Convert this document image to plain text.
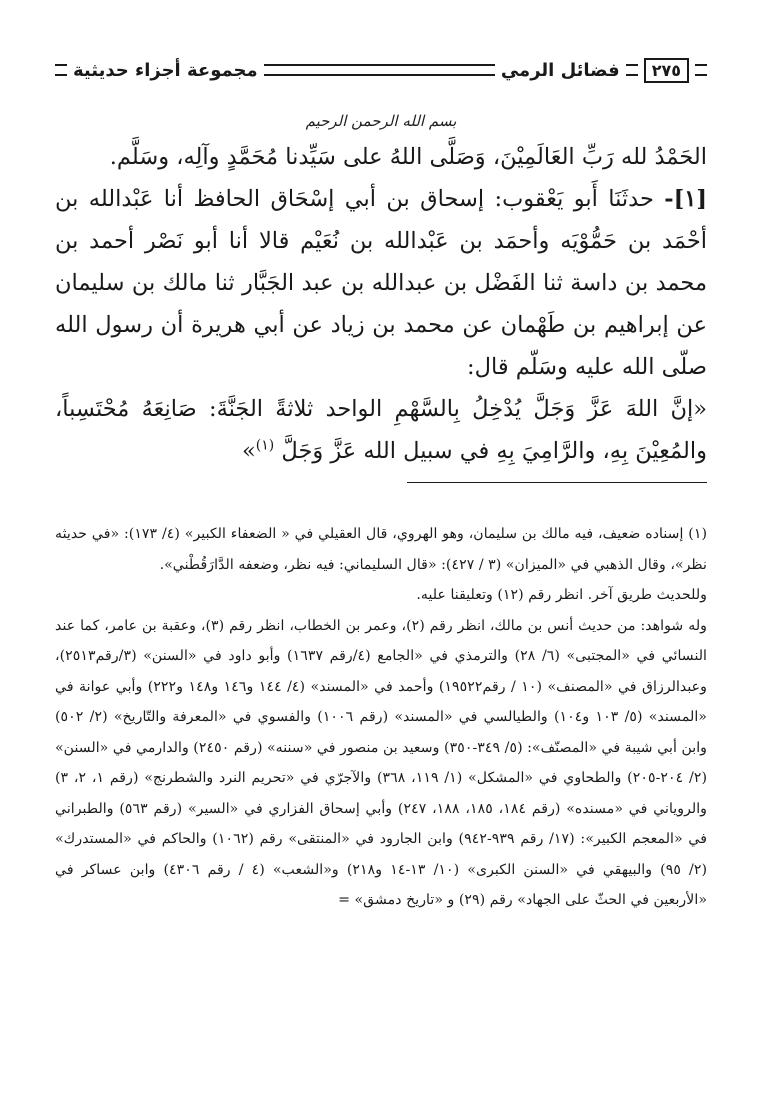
٢٧٥
فضائل الرمي
مجموعة أجزاء حديثية
بسم الله الرحمن الرحيم

الحَمْدُ لله رَبِّ العَالَمِيْنَ، وَصَلَّى اللهُ على سَيِّدنا مُحَمَّدٍ وآلِه، وسَلَّم.

[١]- حدثَنَا أَبو يَعْقوب: إسحاق بن أبي إسْحَاق الحافظ أنا عَبْدالله بن أحْمَد بن حَمُّوْيَه وأحمَد بن عَبْدالله بن نُعَيْم قالا أنا أبو نَصْر أحمد بن محمد بن داسة ثنا الفَضْل بن عبدالله بن عبد الجَبَّار ثنا مالك بن سليمان عن إبراهيم بن طَهْمان عن محمد بن زياد عن أبي هريرة أن رسول الله صلّى الله عليه وسَلّم قال:

«إنَّ اللهَ عَزَّ وَجَلَّ يُدْخِلُ بِالسَّهْمِ الواحد ثلاثةً الجَنَّةَ: صَانِعَهُ مُحْتَسِباً، والمُعِيْنَ بِهِ، والرَّامِيَ بِهِ في سبيل الله عَزَّ وَجَلَّ $^{(١)}$»

(١) إسناده ضعيف، فيه مالك بن سليمان، وهو الهروي، قال العقيلي في « الضعفاء الكبير» (٤/ ١٧٣): «في حديثه نظر»، وقال الذهبي في «الميزان» (٣ / ٤٢٧): «قال السليماني: فيه نظر، وضعفه الدَّارَقُطْني».

وللحديث طريق آخر. انظر رقم (١٢) وتعليقنا عليه.

وله شواهد: من حديث أنس بن مالك، انظر رقم (٢)، وعمر بن الخطاب، انظر رقم (٣)، وعقبة بن عامر، كما عند النسائي في «المجتبى» (٦/ ٢٨) والترمذي في «الجامع (٤/رقم ١٦٣٧) وأبو داود في «السنن» (٣/رقم٢٥١٣)، وعبدالرزاق في «المصنف» (١٠ / رقم١٩٥٢٢) وأحمد في «المسند» (٤/ ١٤٤ و١٤٦ و١٤٨ و٢٢٢) وأبي عوانة في «المسند» (٥/ ١٠٣ و١٠٤) والطيالسي في «المسند» (رقم ١٠٠٦) والفسوي في «المعرفة والتّاريخ» (٢/ ٥٠٢) وابن أبي شيبة في «المصنّف»: (٥/ ٣٤٩-٣٥٠) وسعيد بن منصور في «سننه» (رقم ٢٤٥٠) والدارمي في «السنن» (٢/ ٢٠٤-٢٠٥) والطحاوي في «المشكل» (١/ ١١٩، ٣٦٨) والآجرّي في «تحريم النرد والشطرنج» (رقم ١، ٢، ٣) والروياني في «مسنده» (رقم ١٨٤، ١٨٥، ١٨٨، ٢٤٧) وأبي إسحاق الفزاري في «السير» (رقم ٥٦٣) والطبراني في «المعجم الكبير»: (١٧/ رقم ٩٣٩-٩٤٢) وابن الجارود في «المنتقى» رقم (١٠٦٢) والحاكم في «المستدرك» (٢/ ٩٥) والبيهقي في «السنن الكبرى» (١٠/ ١٣-١٤ و٢١٨) و«الشعب» (٤ / رقم ٤٣٠٦) وابن عساكر في «الأربعين في الحثّ على الجهاد» رقم (٢٩) و «تاريخ دمشق» =
